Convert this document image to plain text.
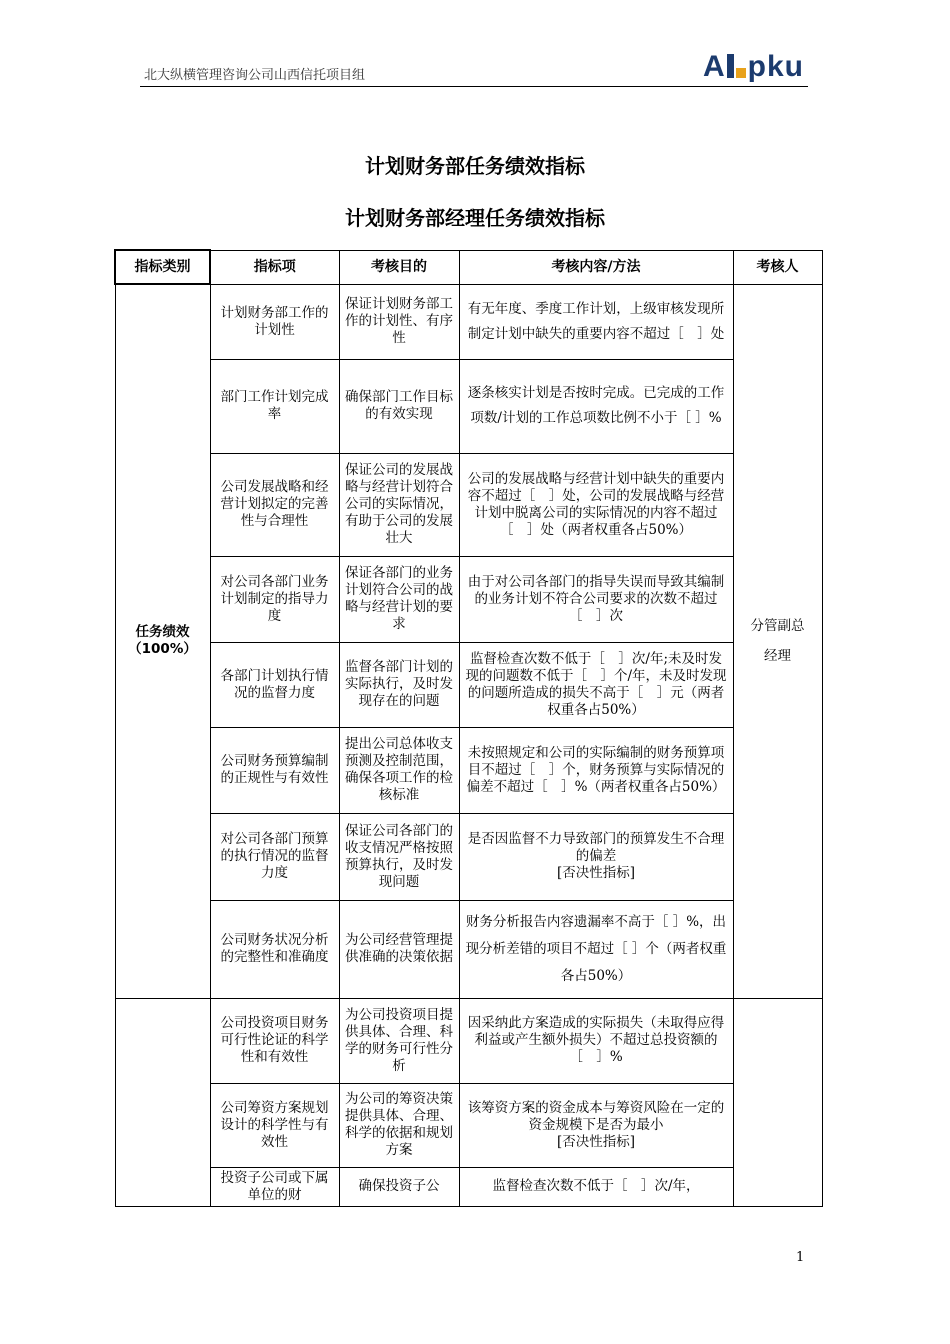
北大纵横管理咨询公司山西信托项目组	A pku
计划财务部任务绩效指标
计划财务部经理任务绩效指标
指标类别	指标项	考核目的	考核内容/方法	考核人

任务绩效
（100%）	计划财务部工作的计划性	保证计划财务部工作的计划性、有序性	有无年度、季度工作计划，上级审核发现所制定计划中缺失的重要内容不超过［　］处	分管副总经理
	部门工作计划完成率	确保部门工作目标的有效实现	逐条核实计划是否按时完成。已完成的工作项数/计划的工作总项数比例不小于［ ］%	
	公司发展战略和经营计划拟定的完善性与合理性	保证公司的发展战略与经营计划符合公司的实际情况，有助于公司的发展壮大	公司的发展战略与经营计划中缺失的重要内容不超过［　］处，公司的发展战略与经营计划中脱离公司的实际情况的内容不超过［　］处（两者权重各占50%）	
	对公司各部门业务计划制定的指导力度	保证各部门的业务计划符合公司的战略与经营计划的要求	由于对公司各部门的指导失误而导致其编制的业务计划不符合公司要求的次数不超过［　］次	
	各部门计划执行情况的监督力度	监督各部门计划的实际执行，及时发现存在的问题	监督检查次数不低于［　］次/年;未及时发现的问题数不低于［　］个/年，未及时发现的问题所造成的损失不高于［　］元（两者权重各占50%）	
	公司财务预算编制的正规性与有效性	提出公司总体收支预测及控制范围，确保各项工作的检核标准	未按照规定和公司的实际编制的财务预算项目不超过［　］个，财务预算与实际情况的偏差不超过［　］%（两者权重各占50%）	
	对公司各部门预算的执行情况的监督力度	保证公司各部门的收支情况严格按照预算执行，及时发现问题	是否因监督不力导致部门的预算发生不合理的偏差
[否决性指标]	

	公司财务状况分析的完整性和准确度	为公司经营管理提供准确的决策依据	财务分析报告内容遗漏率不高于［ ］%，出现分析差错的项目不超过［ ］个（两者权重各占50%）	
	公司投资项目财务可行性论证的科学性和有效性	为公司投资项目提供具体、合理、科学的财务可行性分析	因采纳此方案造成的实际损失（未取得应得利益或产生额外损失）不超过总投资额的［　］%	
	公司筹资方案规划设计的科学性与有效性	为公司的筹资决策提供具体、合理、科学的依据和规划方案	该筹资方案的资金成本与筹资风险在一定的资金规模下是否为最小
[否决性指标]	

	投资子公司或下属单位的财	确保投资子公	监督检查次数不低于［　］次/年，	
1
